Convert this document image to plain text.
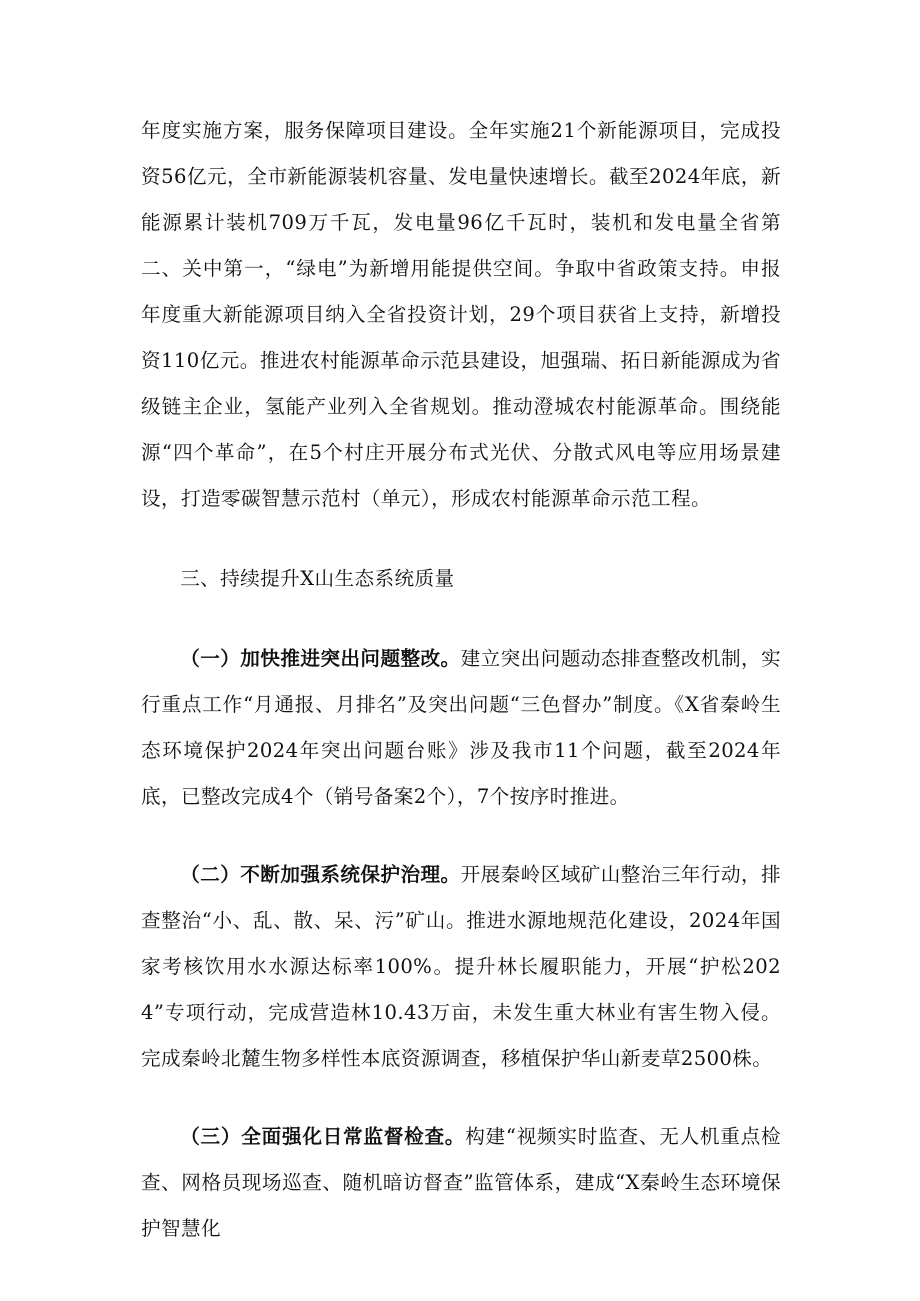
年度实施方案，服务保障项目建设。全年实施21个新能源项目，完成投资56亿元，全市新能源装机容量、发电量快速增长。截至2024年底，新能源累计装机709万千瓦，发电量96亿千瓦时，装机和发电量全省第二、关中第一，“绿电”为新增用能提供空间。争取中省政策支持。申报年度重大新能源项目纳入全省投资计划，29个项目获省上支持，新增投资110亿元。推进农村能源革命示范县建设，旭强瑞、拓日新能源成为省级链主企业，氢能产业列入全省规划。推动澄城农村能源革命。围绕能源“四个革命”，在5个村庄开展分布式光伏、分散式风电等应用场景建设，打造零碳智慧示范村（单元），形成农村能源革命示范工程。

三、持续提升X山生态系统质量

（一）加快推进突出问题整改。建立突出问题动态排查整改机制，实行重点工作“月通报、月排名”及突出问题“三色督办”制度。《X省秦岭生态环境保护2024年突出问题台账》涉及我市11个问题，截至2024年底，已整改完成4个（销号备案2个），7个按序时推进。

（二）不断加强系统保护治理。开展秦岭区域矿山整治三年行动，排查整治“小、乱、散、呆、污”矿山。推进水源地规范化建设，2024年国家考核饮用水水源达标率100%。提升林长履职能力，开展“护松2024”专项行动，完成营造林10.43万亩，未发生重大林业有害生物入侵。完成秦岭北麓生物多样性本底资源调查，移植保护华山新麦草2500株。

（三）全面强化日常监督检查。构建“视频实时监查、无人机重点检查、网格员现场巡查、随机暗访督查”监管体系，建成“X秦岭生态环境保护智慧化
